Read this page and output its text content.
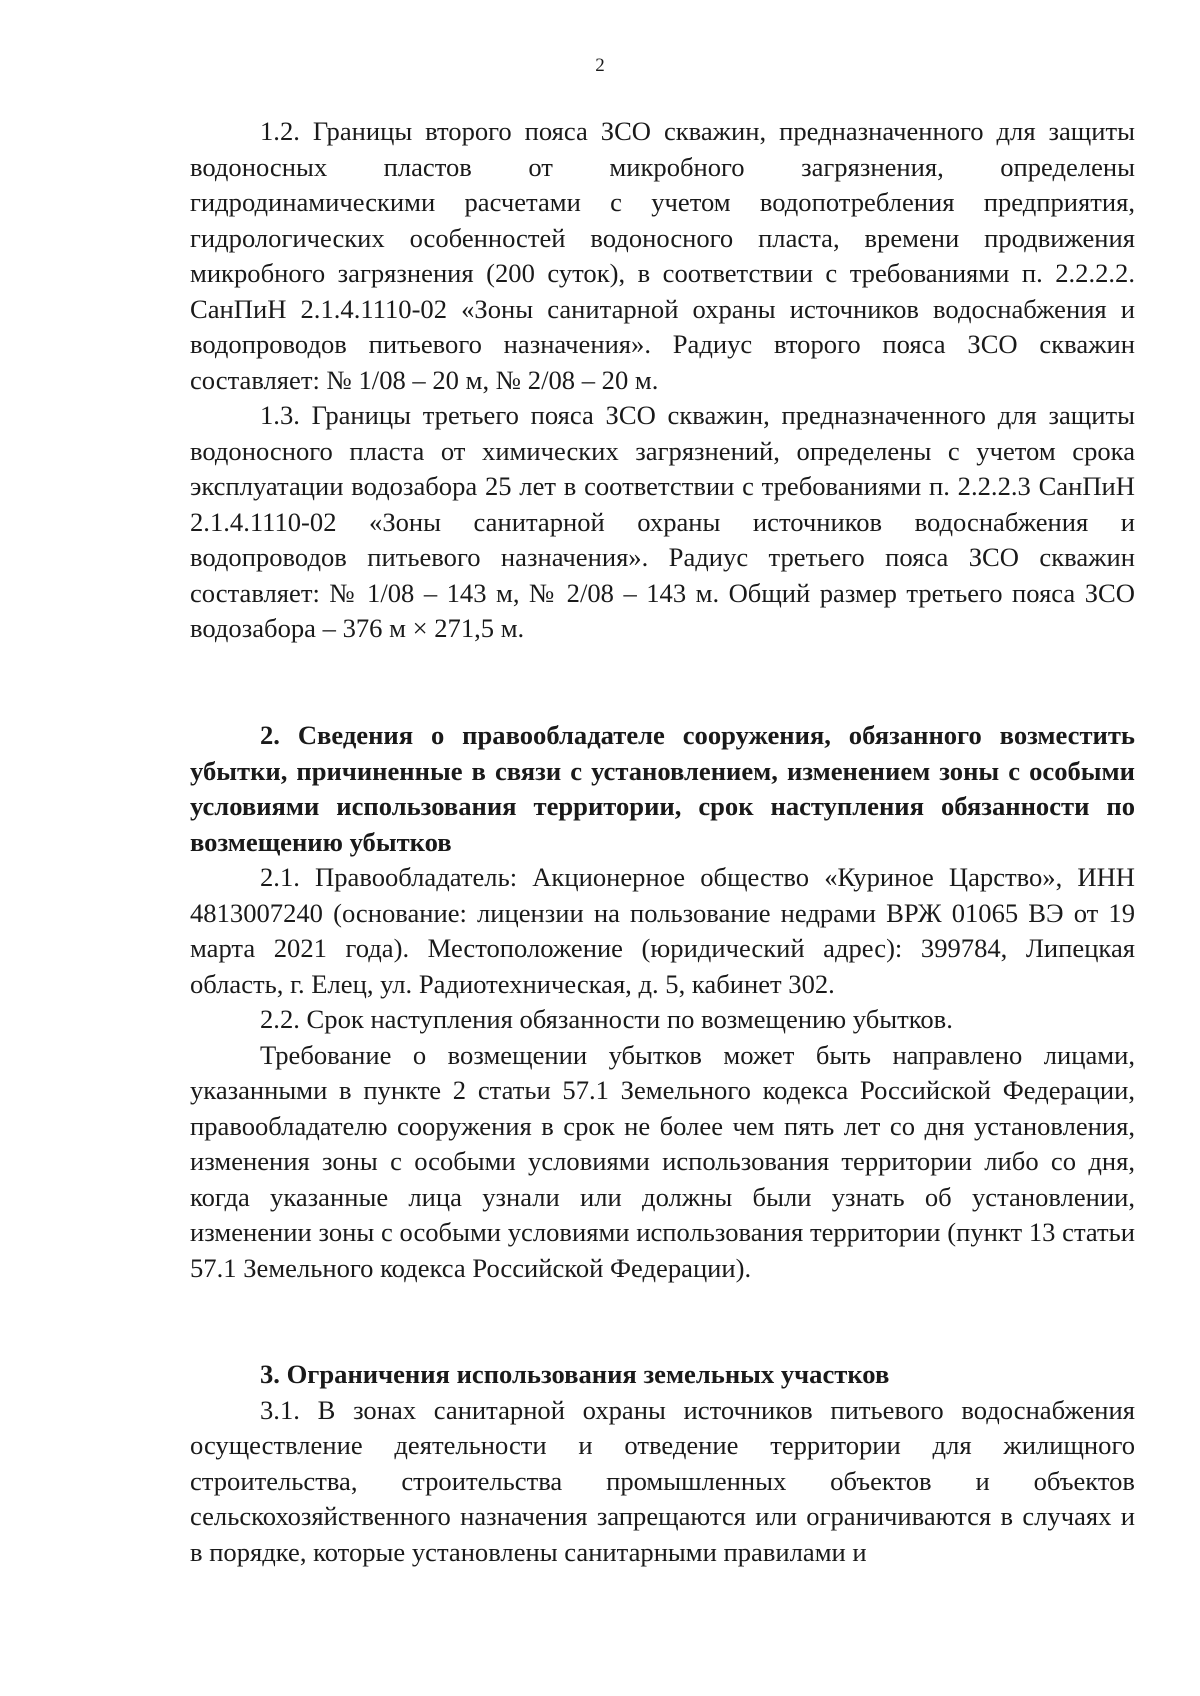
2

1.2. Границы второго пояса ЗСО скважин, предназначенного для защиты водоносных пластов от микробного загрязнения, определены гидродинамическими расчетами с учетом водопотребления предприятия, гидрологических особенностей водоносного пласта, времени продвижения микробного загрязнения (200 суток), в соответствии с требованиями п. 2.2.2.2. СанПиН 2.1.4.1110-02 «Зоны санитарной охраны источников водоснабжения и водопроводов питьевого назначения». Радиус второго пояса ЗСО скважин составляет: № 1/08 – 20 м, № 2/08 – 20 м.

1.3. Границы третьего пояса ЗСО скважин, предназначенного для защиты водоносного пласта от химических загрязнений, определены с учетом срока эксплуатации водозабора 25 лет в соответствии с требованиями п. 2.2.2.3 СанПиН 2.1.4.1110-02 «Зоны санитарной охраны источников водоснабжения и водопроводов питьевого назначения». Радиус третьего пояса ЗСО скважин составляет: № 1/08 – 143 м, № 2/08 – 143 м. Общий размер третьего пояса ЗСО водозабора – 376 м × 271,5 м.

2. Сведения о правообладателе сооружения, обязанного возместить убытки, причиненные в связи с установлением, изменением зоны с особыми условиями использования территории, срок наступления обязанности по возмещению убытков

2.1. Правообладатель: Акционерное общество «Куриное Царство», ИНН 4813007240 (основание: лицензии на пользование недрами ВРЖ 01065 ВЭ от 19 марта 2021 года). Местоположение (юридический адрес): 399784, Липецкая область, г. Елец, ул. Радиотехническая, д. 5, кабинет 302.

2.2. Срок наступления обязанности по возмещению убытков.

Требование о возмещении убытков может быть направлено лицами, указанными в пункте 2 статьи 57.1 Земельного кодекса Российской Федерации, правообладателю сооружения в срок не более чем пять лет со дня установления, изменения зоны с особыми условиями использования территории либо со дня, когда указанные лица узнали или должны были узнать об установлении, изменении зоны с особыми условиями использования территории (пункт 13 статьи 57.1 Земельного кодекса Российской Федерации).

3. Ограничения использования земельных участков

3.1. В зонах санитарной охраны источников питьевого водоснабжения осуществление деятельности и отведение территории для жилищного строительства, строительства промышленных объектов и объектов сельскохозяйственного назначения запрещаются или ограничиваются в случаях и в порядке, которые установлены санитарными правилами и
